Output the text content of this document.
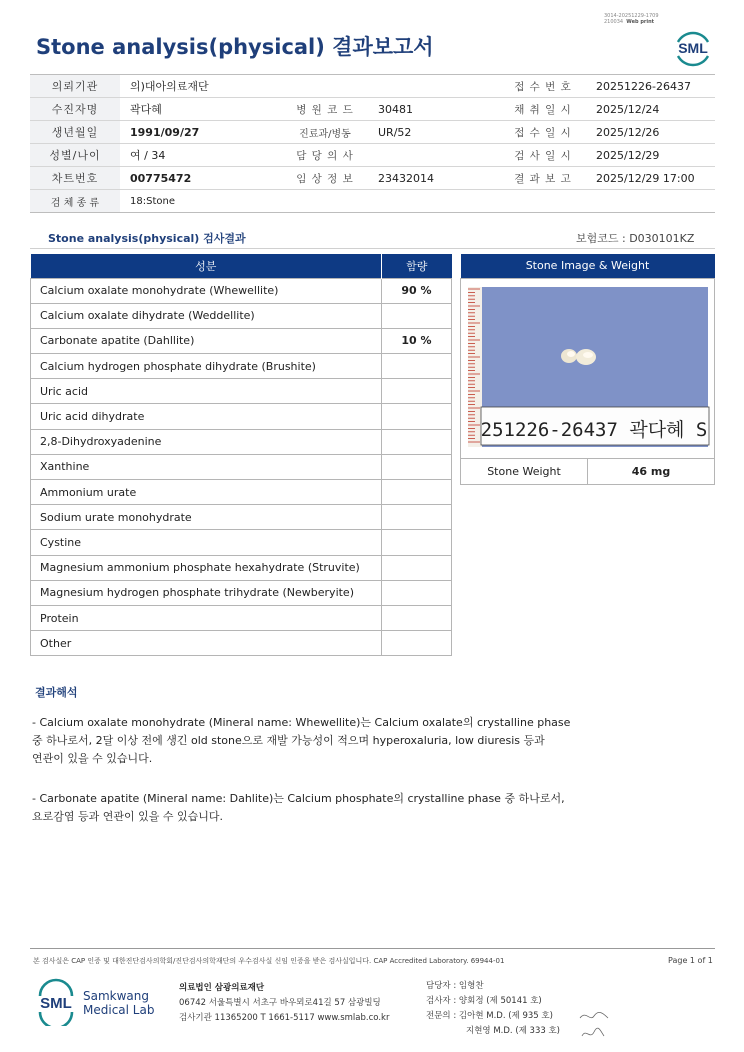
3014-20251229-1709
210034 Web print
Stone analysis(physical) 결과보고서	SML
의뢰기관	의)대아의료재단			접 수 번 호	20251226-26437
수진자명	곽다혜	병 원 코 드	30481	채 취 일 시	2025/12/24
생년월일	1991/09/27	진료과/병동	UR/52	접 수 일 시	2025/12/26
성별/나이	여 / 34	담 당 의 사		검 사 일 시	2025/12/29
차트번호	00775472	임 상 정 보	23432014	결 과 보 고	2025/12/29 17:00
검 체 종 류	18:Stone				
Stone analysis(physical) 검사결과	보험코드 : D030101KZ
성분	함량
Calcium oxalate monohydrate (Whewellite)	90 %
Calcium oxalate dihydrate (Weddellite)	
Carbonate apatite (Dahllite)	10 %
Calcium hydrogen phosphate dihydrate (Brushite)	
Uric acid	
Uric acid dihydrate	
2,8-Dihydroxyadenine	
Xanthine	
Ammonium urate	
Sodium urate monohydrate	
Cystine	
Magnesium ammonium phosphate hexahydrate (Struvite)	
Magnesium hydrogen phosphate trihydrate (Newberyite)	
Protein	
Other	
Stone Image & Weight

251226-26437 곽다혜 S

Stone Weight	46 mg
결과해석
- Calcium oxalate monohydrate (Mineral name: Whewellite)는 Calcium oxalate의 crystalline phase
중 하나로서, 2달 이상 전에 생긴 old stone으로 재발 가능성이 적으며 hyperoxaluria, low diuresis 등과
연관이 있을 수 있습니다.
- Carbonate apatite (Mineral name: Dahlite)는 Calcium phosphate의 crystalline phase 중 하나로서,
요로감염 등과 연관이 있을 수 있습니다.
본 검사실은 CAP 인증 및 대한진단검사의학회/진단검사의학재단의 우수검사실 신임 인증을 받은 검사실입니다. CAP Accredited Laboratory. 69944-01	Page 1 of 1
SML Samkwang
Medical Lab
의료법인 삼광의료재단
06742 서울특별시 서초구 바우뫼로41길 57 삼광빌딩
검사기관 11365200 T 1661-5117 www.smlab.co.kr
담당자 : 임형찬
검사자 : 양회정 (제 50141 호)
전문의 : 김아현 M.D. (제 935 호)
지현영 M.D. (제 333 호)
